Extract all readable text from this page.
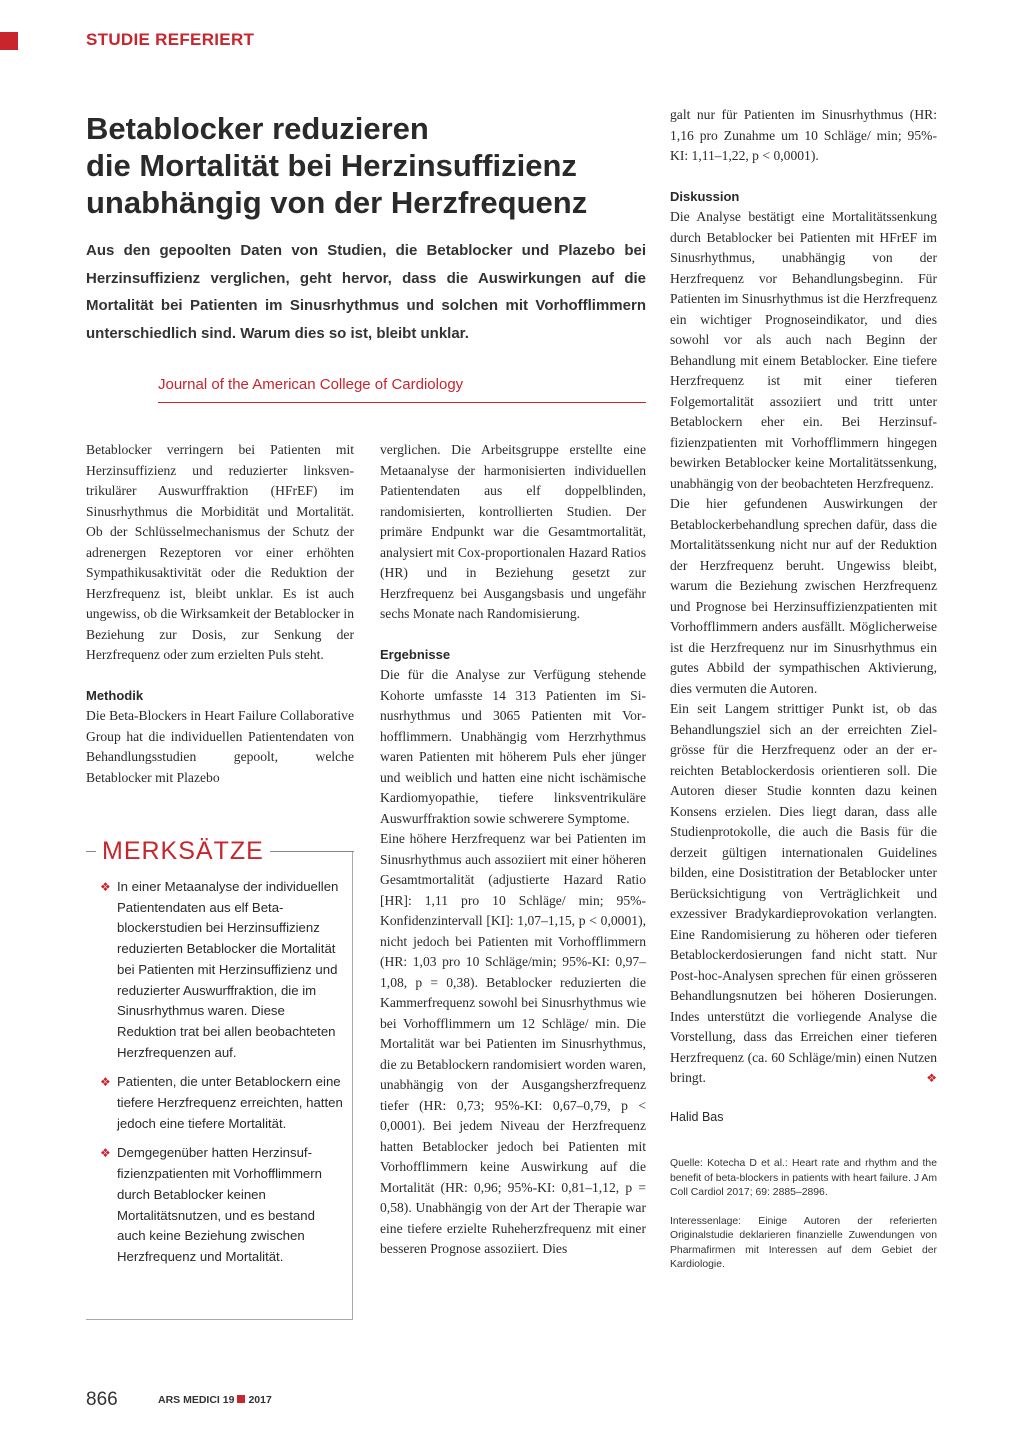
STUDIE REFERIERT
Betablocker reduzieren
die Mortalität bei Herzinsuffizienz
unabhängig von der Herzfrequenz
Aus den gepoolten Daten von Studien, die Betablocker und Plazebo bei Herzinsuffizienz verglichen, geht hervor, dass die Auswirkungen auf die Mortalität bei Patienten im Sinusrhythmus und solchen mit Vorhofflimmern unterschiedlich sind. Warum dies so ist, bleibt unklar.
Journal of the American College of Cardiology

Betablocker verringern bei Patienten mit Herzinsuffizienz und reduzierter linksventrikulärer Auswurffraktion (HFrEF) im Sinusrhythmus die Morbidität und Mortalität. Ob der Schlüsselmechanismus der Schutz der adrenergen Rezeptoren vor einer erhöhten Sympathikusaktivität oder die Reduktion der Herzfrequenz ist, bleibt unklar. Es ist auch ungewiss, ob die Wirksamkeit der Betablocker in Beziehung zur Dosis, zur Senkung der Herzfrequenz oder zum erzielten Puls steht.

Methodik

Die Beta-Blockers in Heart Failure Collaborative Group hat die individuellen Patientendaten von Behandlungsstudien gepoolt, welche Betablocker mit Plazebo

MERKSÄTZE
❖ In einer Metaanalyse der individuellen Patientendaten aus elf Betablockerstudien bei Herzinsuffizienz reduzierten Betablocker die Mortalität bei Patienten mit Herzinsuffizienz und reduzierter Auswurffraktion, die im Sinusrhythmus waren. Diese Reduktion trat bei allen beobachteten Herzfrequenzen auf.
❖ Patienten, die unter Betablockern eine tiefere Herzfrequenz erreichten, hatten jedoch eine tiefere Mortalität.
❖ Demgegenüber hatten Herzinsuffizienzpatienten mit Vorhofflimmern durch Betablocker keinen Mortalitätsnutzen, und es bestand auch keine Beziehung zwischen Herzfrequenz und Mortalität.

verglichen. Die Arbeitsgruppe erstellte eine Metaanalyse der harmonisierten individuellen Patientendaten aus elf doppelblinden, randomisierten, kontrollierten Studien. Der primäre Endpunkt war die Gesamtmortalität, analysiert mit Cox-proportionalen Hazard Ratios (HR) und in Beziehung gesetzt zur Herzfrequenz bei Ausgangsbasis und ungefähr sechs Monate nach Randomisierung.

Ergebnisse

Die für die Analyse zur Verfügung stehende Kohorte umfasste 14 313 Patienten im Sinusrhythmus und 3065 Patienten mit Vorhofflimmern. Unabhängig vom Herzrhythmus waren Patienten mit höherem Puls eher jünger und weiblich und hatten eine nicht ischämische Kardiomyopathie, tiefere linksventrikuläre Auswurffraktion sowie schwerere Symptome.

Eine höhere Herzfrequenz war bei Patienten im Sinusrhythmus auch assoziiert mit einer höheren Gesamtmortalität (adjustierte Hazard Ratio [HR]: 1,11 pro 10 Schläge/ min; 95%-Konfidenzintervall [KI]: 1,07–1,15, p < 0,0001), nicht jedoch bei Patienten mit Vorhofflimmern (HR: 1,03 pro 10 Schläge/min; 95%-KI: 0,97–1,08, p = 0,38). Betablocker reduzierten die Kammerfrequenz sowohl bei Sinusrhythmus wie bei Vorhofflimmern um 12 Schläge/ min. Die Mortalität war bei Patienten im Sinusrhythmus, die zu Betablockern randomisiert worden waren, unabhängig von der Ausgangsherzfrequenz tiefer (HR: 0,73; 95%-KI: 0,67–0,79, p < 0,0001). Bei jedem Niveau der Herzfrequenz hatten Betablocker jedoch bei Patienten mit Vorhofflimmern keine Auswirkung auf die Mortalität (HR: 0,96; 95%-KI: 0,81–1,12, p = 0,58). Unabhängig von der Art der Therapie war eine tiefere erzielte Ruheherzfrequenz mit einer besseren Prognose assoziiert. Dies

galt nur für Patienten im Sinusrhythmus (HR: 1,16 pro Zunahme um 10 Schläge/ min; 95%-KI: 1,11–1,22, p < 0,0001).

Diskussion

Die Analyse bestätigt eine Mortalitätssenkung durch Betablocker bei Patienten mit HFrEF im Sinusrhythmus, unabhängig von der Herzfrequenz vor Behandlungsbeginn. Für Patienten im Sinusrhythmus ist die Herzfrequenz ein wichtiger Prognoseindikator, und dies sowohl vor als auch nach Beginn der Behandlung mit einem Betablocker. Eine tiefere Herzfrequenz ist mit einer tieferen Folgemortalität assoziiert und tritt unter Betablockern eher ein. Bei Herzinsuffizienzpatienten mit Vorhofflimmern hingegen bewirken Betablocker keine Mortalitätssenkung, unabhängig von der beobachteten Herzfrequenz.

Die hier gefundenen Auswirkungen der Betablockerbehandlung sprechen dafür, dass die Mortalitätssenkung nicht nur auf der Reduktion der Herzfrequenz beruht. Ungewiss bleibt, warum die Beziehung zwischen Herzfrequenz und Prognose bei Herzinsuffizienzpatienten mit Vorhofflimmern anders ausfällt. Möglicherweise ist die Herzfrequenz nur im Sinusrhythmus ein gutes Abbild der sympathischen Aktivierung, dies vermuten die Autoren.

Ein seit Langem strittiger Punkt ist, ob das Behandlungsziel sich an der erreichten Zielgrösse für die Herzfrequenz oder an der erreichten Betablockerdosis orientieren soll. Die Autoren dieser Studie konnten dazu keinen Konsens erzielen. Dies liegt daran, dass alle Studienprotokolle, die auch die Basis für die derzeit gültigen internationalen Guidelines bilden, eine Dosistitration der Betablocker unter Berücksichtigung von Verträglichkeit und exzessiver Bradykardieprovokation verlangten. Eine Randomisierung zu höheren oder tieferen Betablockerdosierungen fand nicht statt. Nur Post-hoc-Analysen sprechen für einen grösseren Behandlungsnutzen bei höheren Dosierungen. Indes unterstützt die vorliegende Analyse die Vorstellung, dass das Erreichen einer tieferen Herzfrequenz (ca. 60 Schläge/min) einen Nutzen bringt.	❖

Halid Bas

Quelle: Kotecha D et al.: Heart rate and rhythm and the benefit of beta-blockers in patients with heart failure. J Am Coll Cardiol 2017; 69: 2885–2896.

Interessenlage: Einige Autoren der referierten Originalstudie deklarieren finanzielle Zuwendungen von Pharmafirmen mit Interessen auf dem Gebiet der Kardiologie.

866	ARS MEDICI 19 2017
